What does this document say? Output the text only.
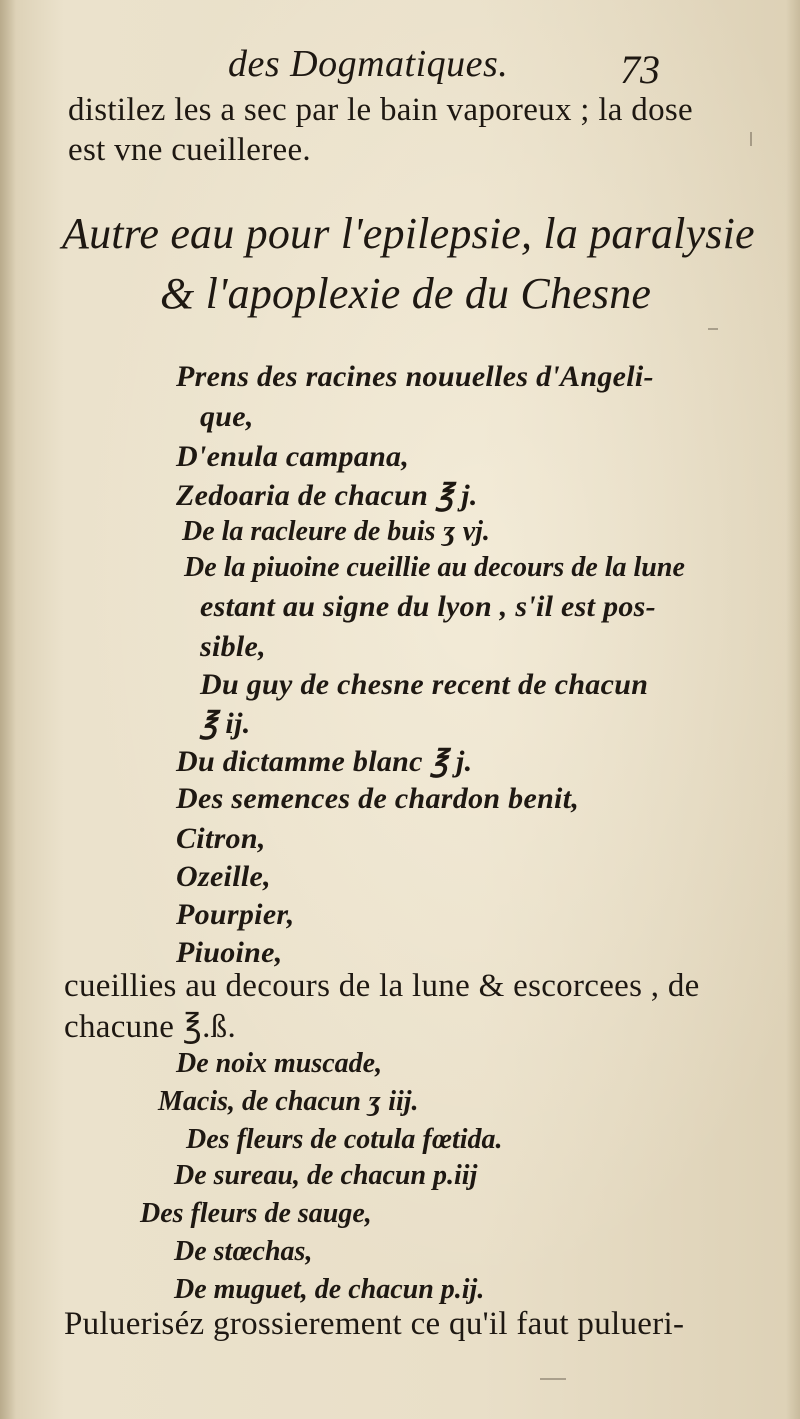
des Dogmatiques.	73
distilez les a sec par le bain vaporeux ; la dose
est vne cueilleree.
Autre eau pour l'epilepsie, la paralysie
& l'apoplexie de du Chesne
Prens des racines nouuelles d'Angeli-
que,
D'enula campana,
Zedoaria de chacun ℥ j.
De la racleure de buis ʒ vj.
De la piuoine cueillie au decours de la lune
estant au signe du lyon , s'il est pos-
sible,
Du guy de chesne recent de chacun
℥ ij.
Du dictamme blanc ℥ j.
Des semences de chardon benit,
Citron,
Ozeille,
Pourpier,
Piuoine,
cueillies au decours de la lune & escorcees , de
chacune ℥.ß.
De noix muscade,
Macis, de chacun ʒ iij.
Des fleurs de cotula fœtida.
De sureau, de chacun p.iij
Des fleurs de sauge,
De stœchas,
De muguet, de chacun p.ij.
Pulueriséz grossierement ce qu'il faut pulueri-
